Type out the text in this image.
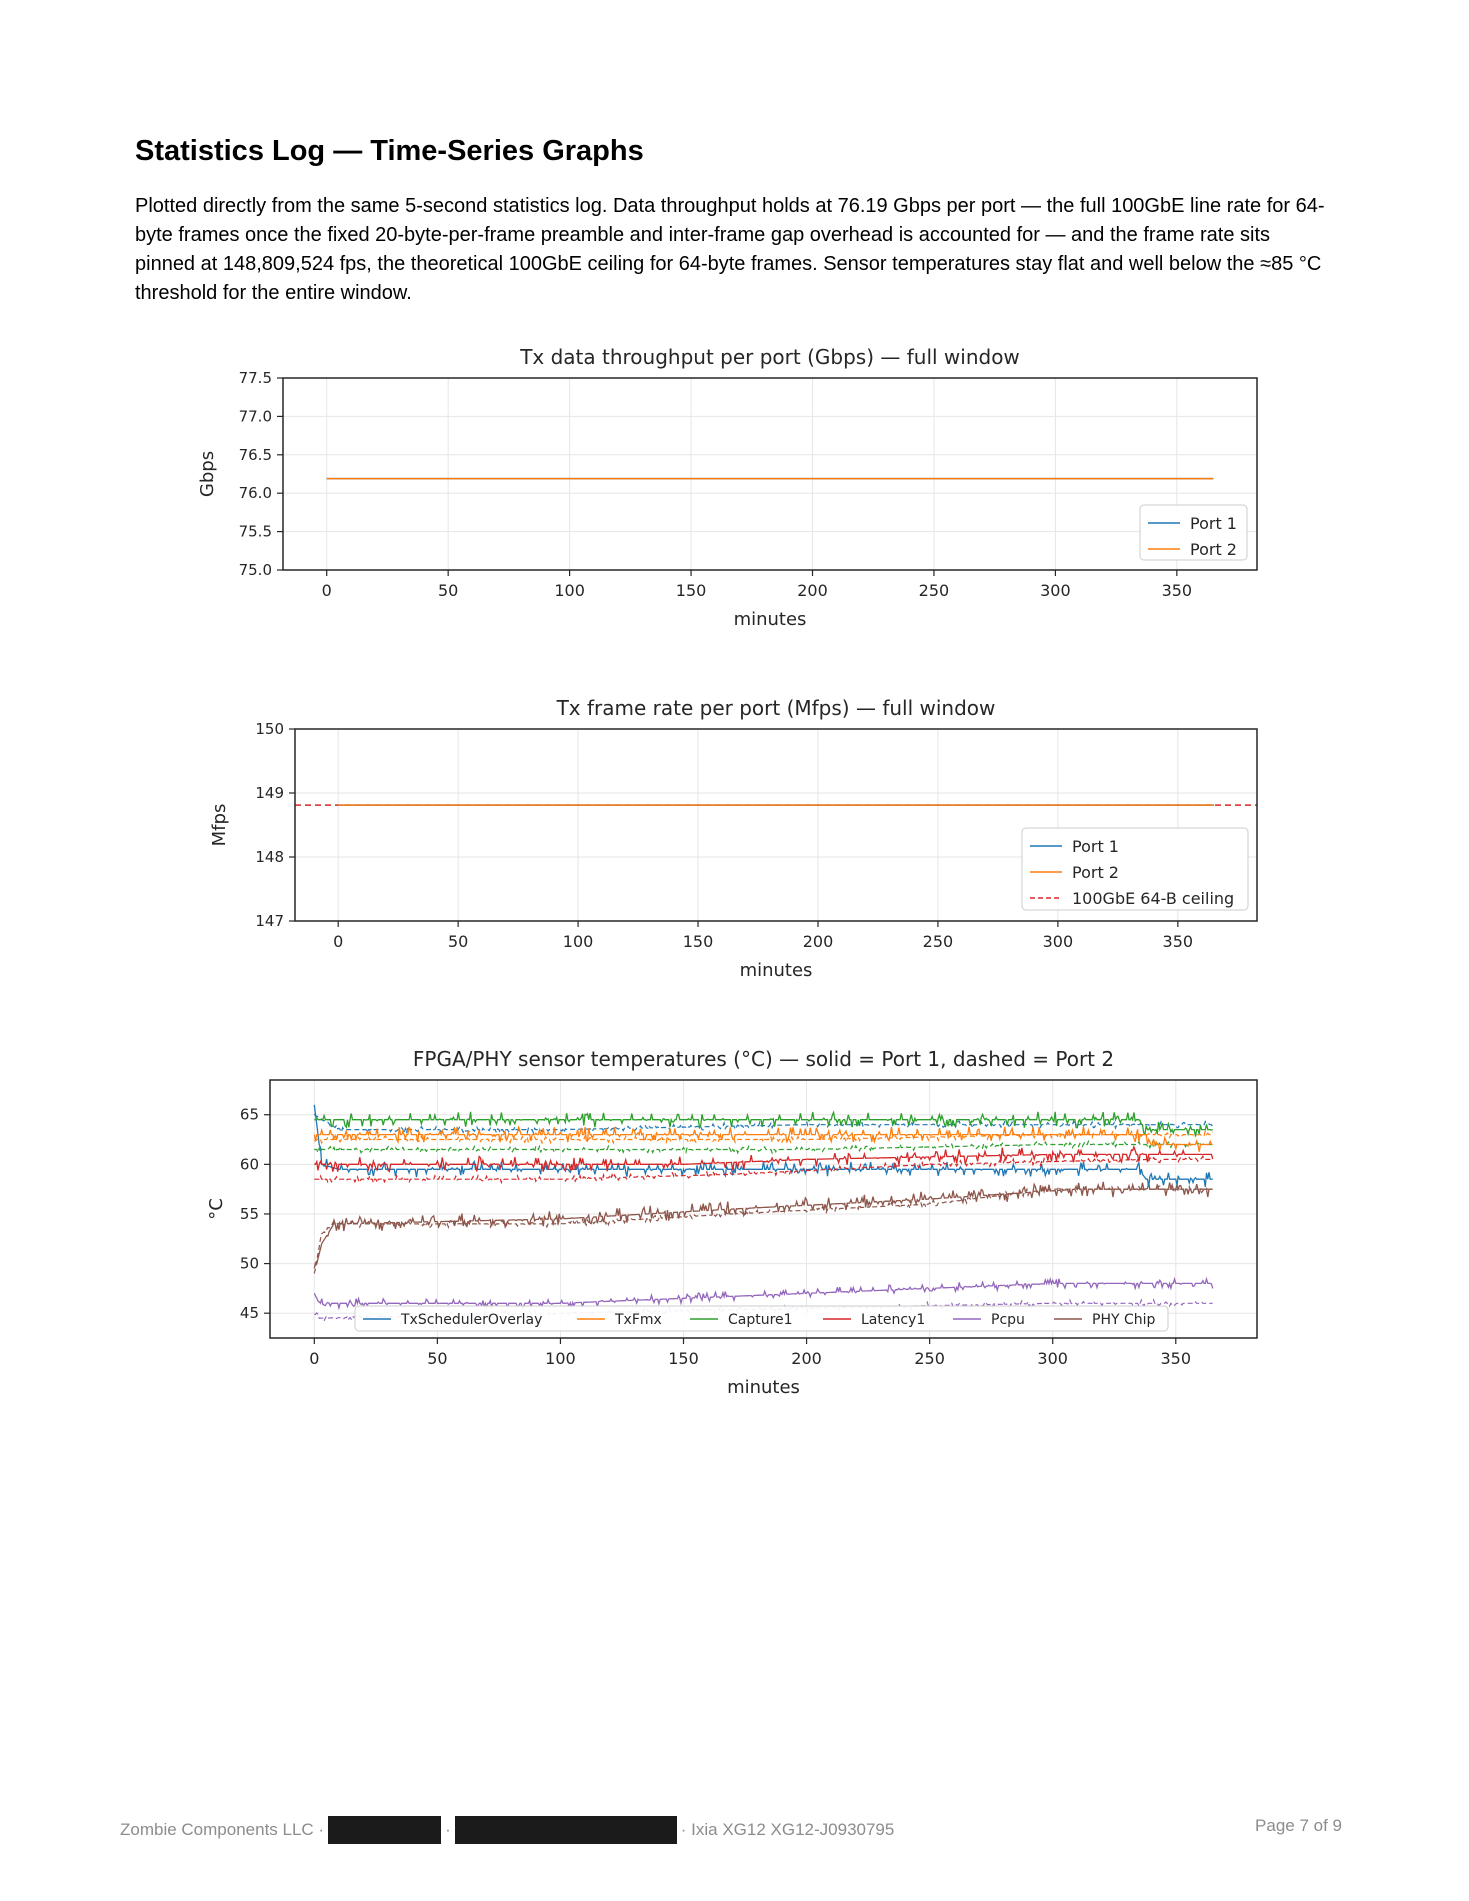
Statistics Log — Time-Series Graphs

Plotted directly from the same 5-second statistics log. Data throughput holds at 76.19 Gbps per port — the full 100GbE line rate for 64-byte frames once the fixed 20-byte-per-frame preamble and inter-frame gap overhead is accounted for — and the frame rate sits pinned at 148,809,524 fps, the theoretical 100GbE ceiling for 64-byte frames. Sensor temperatures stay flat and well below the ≈85 °C threshold for the entire window.

Tx data throughput per port (Gbps) — full window
0	50	100	150	200	250	300	350
75.0
75.5
76.0
76.5
77.0
77.5
minutes
Gbps
Port 1
Port 2
Tx frame rate per port (Mfps) — full window
0	50	100	150	200	250	300	350
147
148
149
150
minutes
Mfps
Port 1
Port 2
100GbE 64-B ceiling
FPGA/PHY sensor temperatures (°C) — solid = Port 1, dashed = Port 2
0	50	100	150	200	250	300	350
45
50
55
60
65
minutes
°C
TxSchedulerOverlay	TxFmx	Capture1	Latency1	Pcpu	PHY Chip
Zombie Components LLC ·	·	· Ixia XG12 XG12-J0930795	Page 7 of 9
